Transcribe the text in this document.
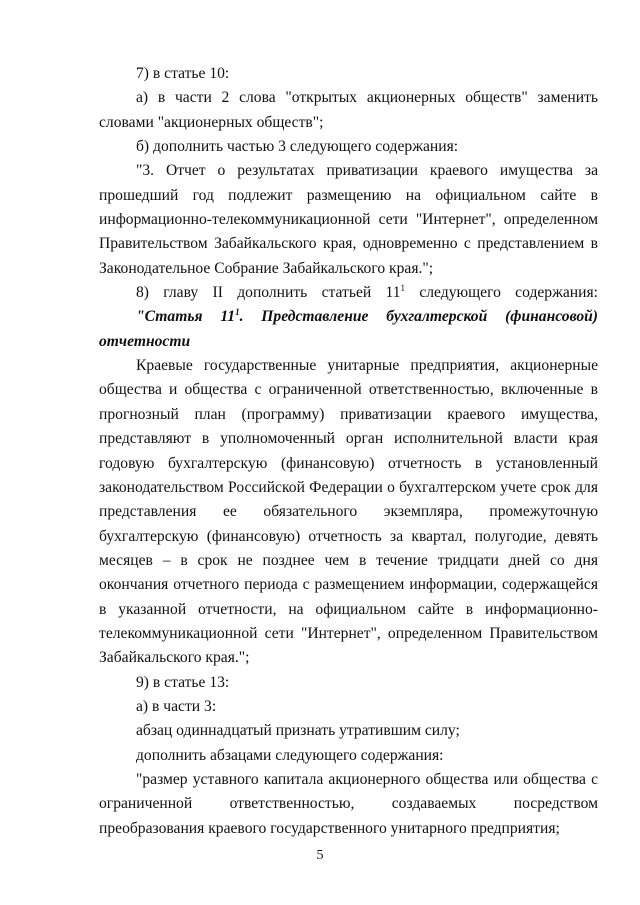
7) в статье 10:

а) в части 2 слова "открытых акционерных обществ" заменить словами "акционерных обществ";

б) дополнить частью 3 следующего содержания:

"3. Отчет о результатах приватизации краевого имущества за прошедший год подлежит размещению на официальном сайте в информационно-телекоммуникационной сети "Интернет", определенном Правительством Забайкальского края, одновременно с представлением в Законодательное Собрание Забайкальского края.";

8) главу II дополнить статьей $11^1$ следующего содержания:

"Статья $11^1$. Представление бухгалтерской (финансовой) отчетности

Краевые государственные унитарные предприятия, акционерные общества и общества с ограниченной ответственностью, включенные в прогнозный план (программу) приватизации краевого имущества, представляют в уполномоченный орган исполнительной власти края годовую бухгалтерскую (финансовую) отчетность в установленный законодательством Российской Федерации о бухгалтерском учете срок для представления ее обязательного экземпляра, промежуточную бухгалтерскую (финансовую) отчетность за квартал, полугодие, девять месяцев – в срок не позднее чем в течение тридцати дней со дня окончания отчетного периода с размещением информации, содержащейся в указанной отчетности, на официальном сайте в информационно-телекоммуникационной сети "Интернет", определенном Правительством Забайкальского края.";

9) в статье 13:

а) в части 3:

абзац одиннадцатый признать утратившим силу;

дополнить абзацами следующего содержания:

"размер уставного капитала акционерного общества или общества с ограниченной ответственностью, создаваемых посредством преобразования краевого государственного унитарного предприятия;

5
